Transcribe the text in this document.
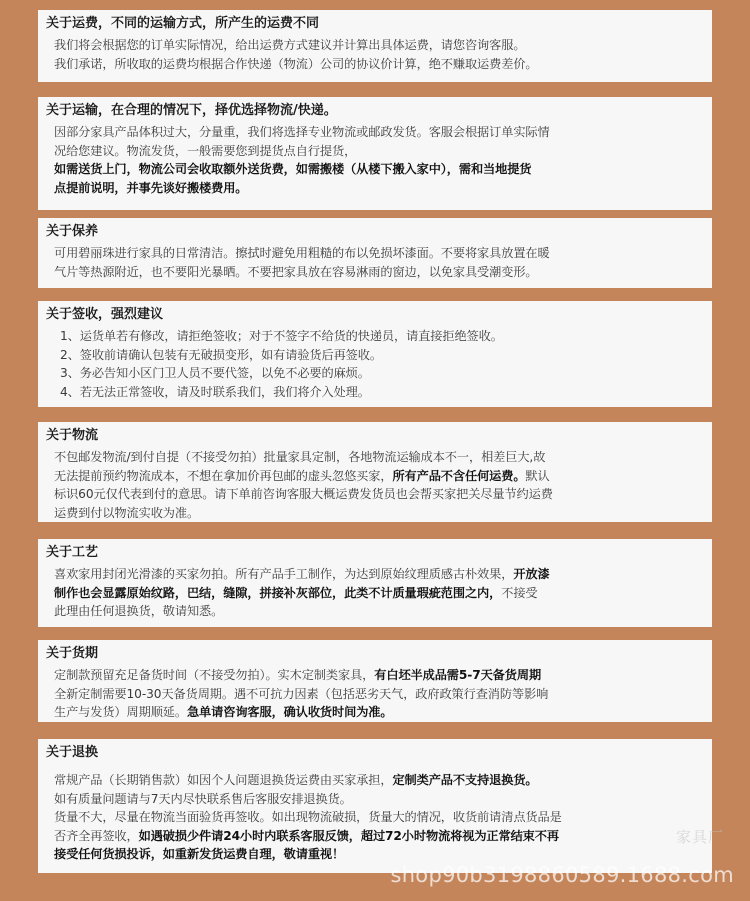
关于运费，不同的运输方式，所产生的运费不同

我们将会根据您的订单实际情况，给出运费方式建议并计算出具体运费，请您咨询客服。
我们承诺，所收取的运费均根据合作快递（物流）公司的协议价计算，绝不赚取运费差价。

关于运输，在合理的情况下，择优选择物流/快递。

因部分家具产品体积过大，分量重，我们将选择专业物流或邮政发货。客服会根据订单实际情
况给您建议。物流发货，一般需要您到提货点自行提货，
如需送货上门，物流公司会收取额外送货费，如需搬楼（从楼下搬入家中），需和当地提货
点提前说明，并事先谈好搬楼费用。

关于保养

可用碧丽珠进行家具的日常清洁。擦拭时避免用粗糙的布以免损坏漆面。不要将家具放置在暖
气片等热源附近，也不要阳光暴晒。不要把家具放在容易淋雨的窗边，以免家具受潮变形。

关于签收，强烈建议

1、运货单若有修改，请拒绝签收；对于不签字不给货的快递员，请直接拒绝签收。
2、签收前请确认包装有无破损变形，如有请验货后再签收。
3、务必告知小区门卫人员不要代签，以免不必要的麻烦。
4、若无法正常签收，请及时联系我们，我们将介入处理。

关于物流

不包邮发物流/到付自提（不接受勿拍）批量家具定制，各地物流运输成本不一，相差巨大,故
无法提前预约物流成本，不想在拿加价再包邮的虚头忽悠买家，所有产品不含任何运费。默认
标识60元仅代表到付的意思。请下单前咨询客服大概运费发货员也会帮买家把关尽量节约运费
运费到付以物流实收为准。

关于工艺

喜欢家用封闭光滑漆的买家勿拍。所有产品手工制作，为达到原始纹理质感古朴效果，开放漆
制作也会显露原始纹路，巴结，缝隙，拼接补灰部位，此类不计质量瑕疵范围之内，不接受
此理由任何退换货，敬请知悉。

关于货期

定制款预留充足备货时间（不接受勿拍）。实木定制类家具，有白坯半成品需5-7天备货周期
全新定制需要10-30天备货周期。遇不可抗力因素（包括恶劣天气，政府政策行查消防等影响
生产与发货）周期顺延。急单请咨询客服，确认收货时间为准。

关于退换

常规产品（长期销售款）如因个人问题退换货运费由买家承担，定制类产品不支持退换货。
如有质量问题请与7天内尽快联系售后客服安排退换货。
货量不大，尽量在物流当面验货再签收。如出现物流破损，货量大的情况，收货前请清点货品是
否齐全再签收，如遇破损少件请24小时内联系客服反馈，超过72小时物流将视为正常结束不再
接受任何货损投诉，如重新发货运费自理，敬请重视！

家具厂
shop90b3198860589.1688.com
